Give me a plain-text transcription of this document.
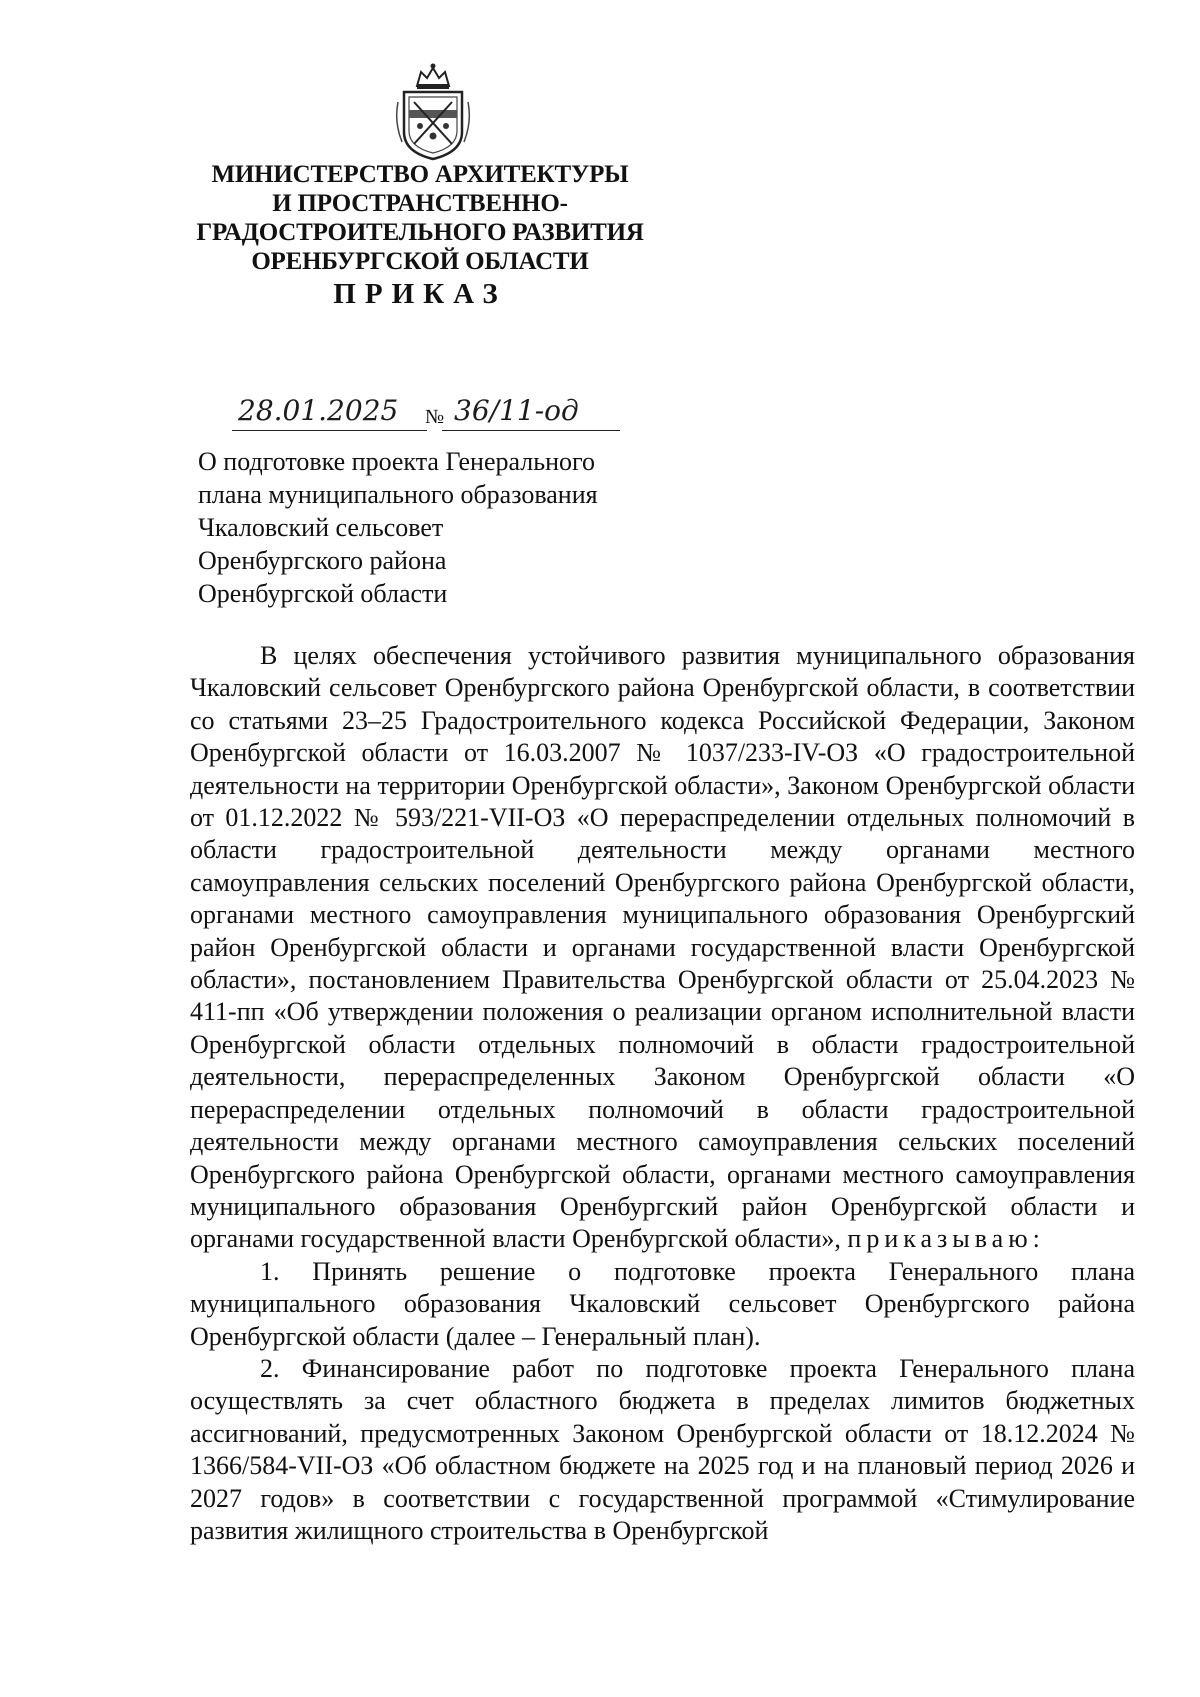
МИНИСТЕРСТВО АРХИТЕКТУРЫ
И ПРОСТРАНСТВЕННО-
ГРАДОСТРОИТЕЛЬНОГО РАЗВИТИЯ
ОРЕНБУРГСКОЙ ОБЛАСТИ
ПРИКАЗ
28.01.2025 № 36/11-од
О подготовке проекта Генерального
плана муниципального образования
Чкаловский сельсовет
Оренбургского района
Оренбургской области

В целях обеспечения устойчивого развития муниципального образования Чкаловский сельсовет Оренбургского района Оренбургской области, в соответствии со статьями 23–25 Градостроительного кодекса Российской Федерации, Законом Оренбургской области от 16.03.2007 № 1037/233-IV-ОЗ «О градостроительной деятельности на территории Оренбургской области», Законом Оренбургской области от 01.12.2022 № 593/221-VII-ОЗ «О перераспределении отдельных полномочий в области градостроительной деятельности между органами местного самоуправления сельских поселений Оренбургского района Оренбургской области, органами местного самоуправления муниципального образования Оренбургский район Оренбургской области и органами государственной власти Оренбургской области», постановлением Правительства Оренбургской области от 25.04.2023 № 411-пп «Об утверждении положения о реализации органом исполнительной власти Оренбургской области отдельных полномочий в области градостроительной деятельности, перераспределенных Законом Оренбургской области «О перераспределении отдельных полномочий в области градостроительной деятельности между органами местного самоуправления сельских поселений Оренбургского района Оренбургской области, органами местного самоуправления муниципального образования Оренбургский район Оренбургской области и органами государственной власти Оренбургской области», приказываю:

1. Принять решение о подготовке проекта Генерального плана муниципального образования Чкаловский сельсовет Оренбургского района Оренбургской области (далее – Генеральный план).

2. Финансирование работ по подготовке проекта Генерального плана осуществлять за счет областного бюджета в пределах лимитов бюджетных ассигнований, предусмотренных Законом Оренбургской области от 18.12.2024 № 1366/584-VII-ОЗ «Об областном бюджете на 2025 год и на плановый период 2026 и 2027 годов» в соответствии с государственной программой «Стимулирование развития жилищного строительства в Оренбургской
